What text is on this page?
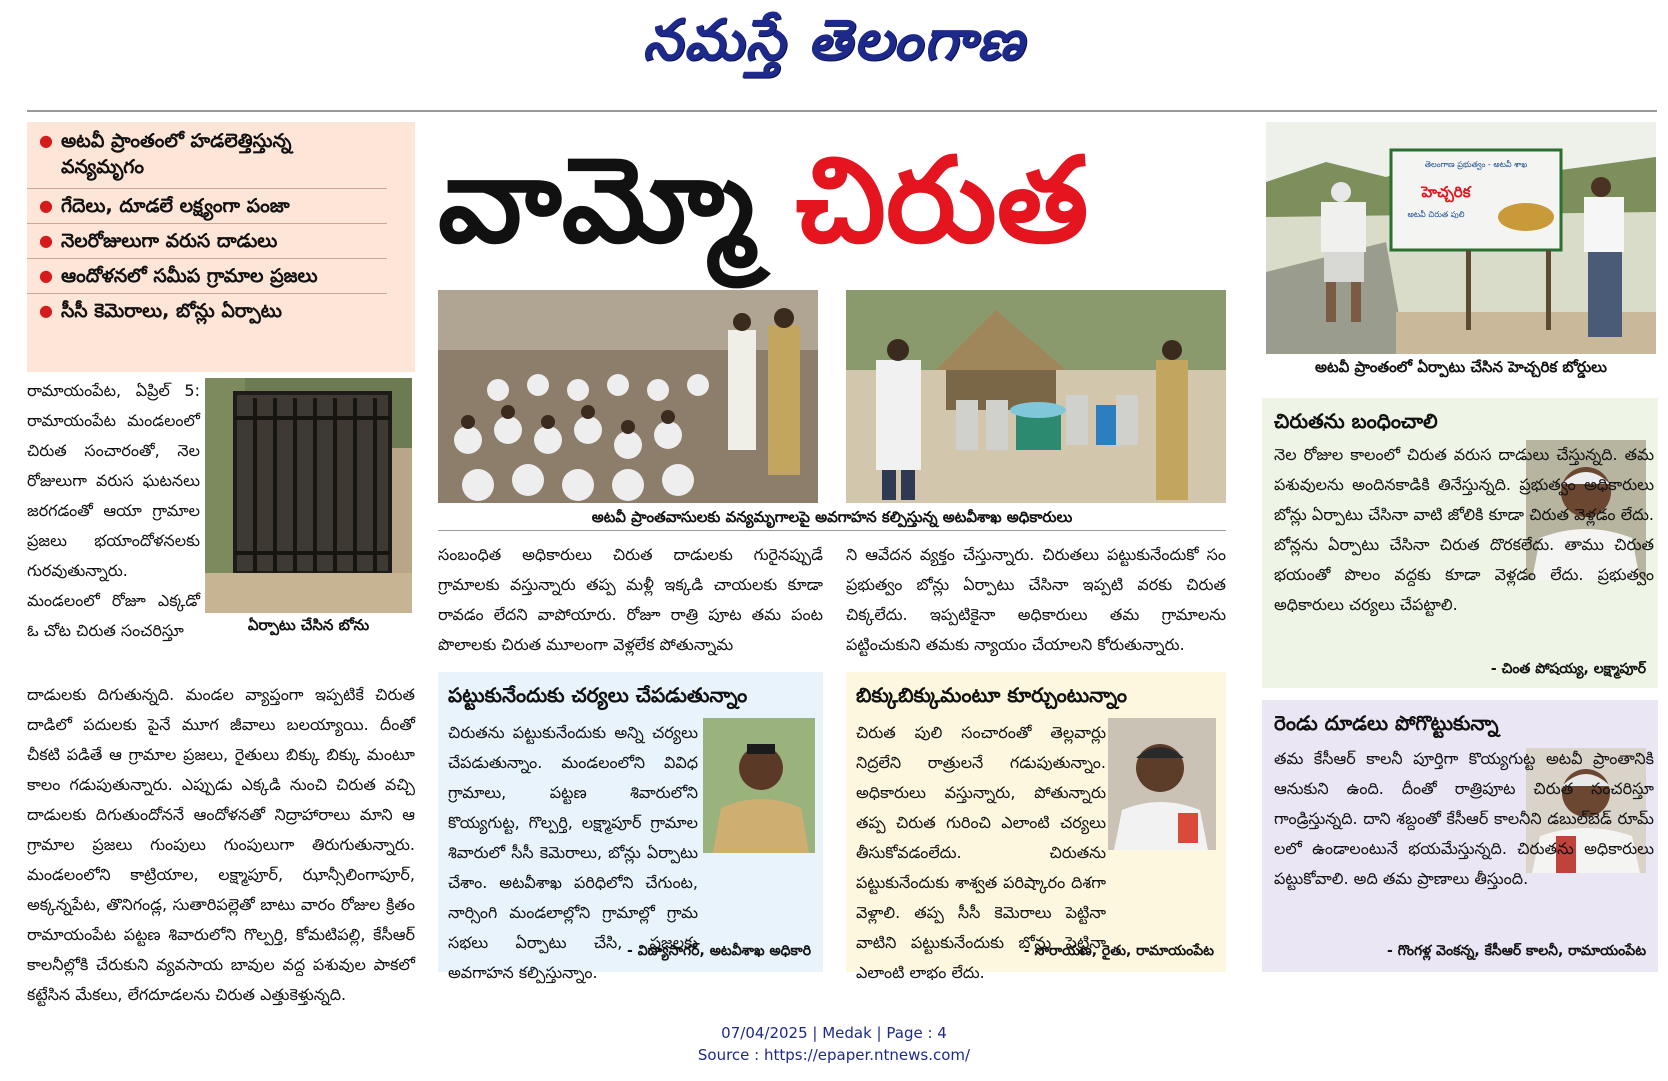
నమస్తే తెలంగాణ
● అటవీ ప్రాంతంలో హడలెత్తిస్తున్న వన్యమృగం
● గేదెలు, దూడలే లక్ష్యంగా పంజా
● నెలరోజులుగా వరుస దాడులు
● ఆందోళనలో సమీప గ్రామాల ప్రజలు
● సీసీ కెమెరాలు, బోన్లు ఏర్పాటు
వామ్మో చిరుత	తెలంగాణ ప్రభుత్వం - అటవీ శాఖ
హెచ్చరిక
అటవీ చిరుత పులి
అటవీ ప్రాంతంలో ఏర్పాటు చేసిన హెచ్చరిక బోర్డులు
ఏర్పాటు చేసిన బోను
రామాయంపేట, ఏప్రిల్ 5: రామాయంపేట మండలంలో చిరుత సంచారంతో, నెల రోజులుగా వరుస ఘటనలు జరగడంతో ఆయా గ్రామాల ప్రజలు భయాందోళనలకు గురవుతున్నారు. మండలంలో రోజూ ఎక్కడో ఓ చోట చిరుత సంచరిస్తూ
దాడులకు దిగుతున్నది. మండల వ్యాప్తంగా ఇప్పటికే చిరుత దాడిలో పదులకు పైనే మూగ జీవాలు బలయ్యాయి. దీంతో చీకటి పడితే ఆ గ్రామాల ప్రజలు, రైతులు బిక్కు బిక్కు మంటూ కాలం గడుపుతున్నారు. ఎప్పుడు ఎక్కడి నుంచి చిరుత వచ్చి దాడులకు దిగుతుందోననే ఆందోళనతో నిద్రాహారాలు మాని ఆ గ్రామాల ప్రజలు గుంపులు గుంపులుగా తిరుగుతున్నారు. మండలంలోని కాట్రియాల, లక్ష్మాపూర్, ఝాన్సీలింగాపూర్, అక్కన్నపేట, తొనిగండ్ల, సుతారిపల్లెతో బాటు వారం రోజుల క్రితం రామాయంపేట పట్టణ శివారులోని గొల్పర్తి, కోమటిపల్లి, కేసీఆర్ కాలనీల్లోకి చేరుకుని వ్యవసాయ బావుల వద్ద పశువుల పాకలో కట్టేసిన మేకలు, లేగదూడలను చిరుత ఎత్తుకెళ్తున్నది.
అటవీ ప్రాంతవాసులకు వన్యమృగాలపై అవగాహన కల్పిస్తున్న అటవీశాఖ అధికారులు
సంబంధిత అధికారులు చిరుత దాడులకు గురైనప్పుడే గ్రామాలకు వస్తున్నారు తప్ప మళ్లీ ఇక్కడి చాయలకు కూడా రావడం లేదని వాపోయారు. రోజూ రాత్రి పూట తమ పంట పొలాలకు చిరుత మూలంగా వెళ్లలేక పోతున్నామ
ని ఆవేదన వ్యక్తం చేస్తున్నారు. చిరుతలు పట్టుకునేందుకో సం ప్రభుత్వం బోన్లు ఏర్పాటు చేసినా ఇప్పటి వరకు చిరుత చిక్కలేదు. ఇప్పటికైనా అధికారులు తమ గ్రామాలను పట్టించుకుని తమకు న్యాయం చేయాలని కోరుతున్నారు.
పట్టుకునేందుకు చర్యలు చేపడుతున్నాం
చిరుతను పట్టుకునేందుకు అన్ని చర్యలు చేపడుతున్నాం. మండలంలోని వివిధ గ్రామాలు, పట్టణ శివారులోని కొయ్యగుట్ట, గొల్పర్తి, లక్ష్మాపూర్ గ్రామాల శివారులో సీసీ కెమెరాలు, బోన్లు ఏర్పాటు చేశాం. అటవీశాఖ పరిధిలోని చేగుంట, నార్సింగి మండలాల్లోని గ్రామాల్లో గ్రామ సభలు ఏర్పాటు చేసి, ప్రజలకు అవగాహన కల్పిస్తున్నాం.
- విద్యాసాగర్, అటవీశాఖ అధికారి
బిక్కుబిక్కుమంటూ కూర్చుంటున్నాం
చిరుత పులి సంచారంతో తెల్లవార్లు నిద్రలేని రాత్రులనే గడుపుతున్నాం. అధికారులు వస్తున్నారు, పోతున్నారు తప్ప చిరుత గురించి ఎలాంటి చర్యలు తీసుకోవడంలేదు. చిరుతను పట్టుకునేందుకు శాశ్వత పరిష్కారం దిశగా వెళ్లాలి. తప్ప సీసీ కెమెరాలు పెట్టినా వాటిని పట్టుకునేందుకు బోన్లు పెట్టినా ఎలాంటి లాభం లేదు.
- నారాయణ, రైతు, రామాయంపేట
చిరుతను బంధించాలి
నెల రోజుల కాలంలో చిరుత వరుస దాడులు చేస్తున్నది. తమ పశువులను అందినకాడికి తినేస్తున్నది. ప్రభుత్వం అధికారులు బోన్లు ఏర్పాటు చేసినా వాటి జోలికి కూడా చిరుత వెళ్లడం లేదు. బోన్లను ఏర్పాటు చేసినా చిరుత దొరకలేదు. తాము చిరుత భయంతో పొలం వద్దకు కూడా వెళ్లడం లేదు. ప్రభుత్వం అధికారులు చర్యలు చేపట్టాలి.
- చింత పోషయ్య, లక్ష్మాపూర్
రెండు దూడలు పోగొట్టుకున్నా
తమ కేసీఆర్ కాలనీ పూర్తిగా కొయ్యగుట్ట అటవీ ప్రాంతానికి ఆనుకుని ఉంది. దీంతో రాత్రిపూట చిరుత సంచరిస్తూ గాండ్రిస్తున్నది. దాని శబ్దంతో కేసీఆర్ కాలనీని డబుల్‌బెడ్ రూమ్ లలో ఉండాలంటునే భయమేస్తున్నది. చిరుతను అధికారులు పట్టుకోవాలి. అది తమ ప్రాణాలు తీస్తుంది.
- గొంగళ్ల వెంకన్న, కేసీఆర్ కాలనీ, రామాయంపేట
07/04/2025 | Medak | Page : 4
Source : https://epaper.ntnews.com/
